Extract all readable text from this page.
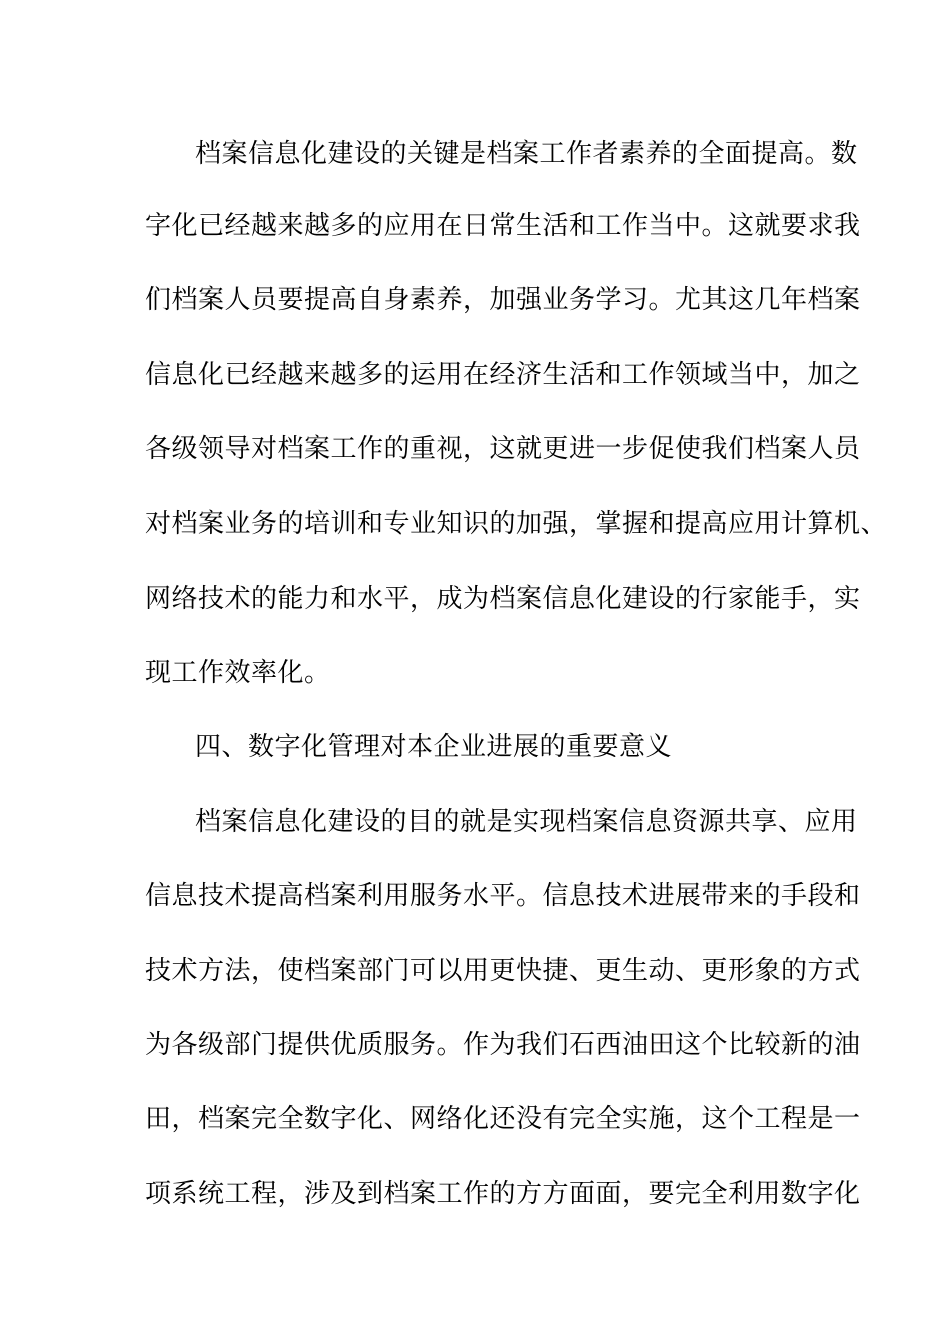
档案信息化建设的关键是档案工作者素养的全面提高。数
字化已经越来越多的应用在日常生活和工作当中。这就要求我
们档案人员要提高自身素养，加强业务学习。尤其这几年档案
信息化已经越来越多的运用在经济生活和工作领域当中，加之
各级领导对档案工作的重视，这就更进一步促使我们档案人员
对档案业务的培训和专业知识的加强，掌握和提高应用计算机、
网络技术的能力和水平，成为档案信息化建设的行家能手，实
现工作效率化。
四、数字化管理对本企业进展的重要意义
档案信息化建设的目的就是实现档案信息资源共享、应用
信息技术提高档案利用服务水平。信息技术进展带来的手段和
技术方法，使档案部门可以用更快捷、更生动、更形象的方式
为各级部门提供优质服务。作为我们石西油田这个比较新的油
田，档案完全数字化、网络化还没有完全实施，这个工程是一
项系统工程，涉及到档案工作的方方面面，要完全利用数字化
